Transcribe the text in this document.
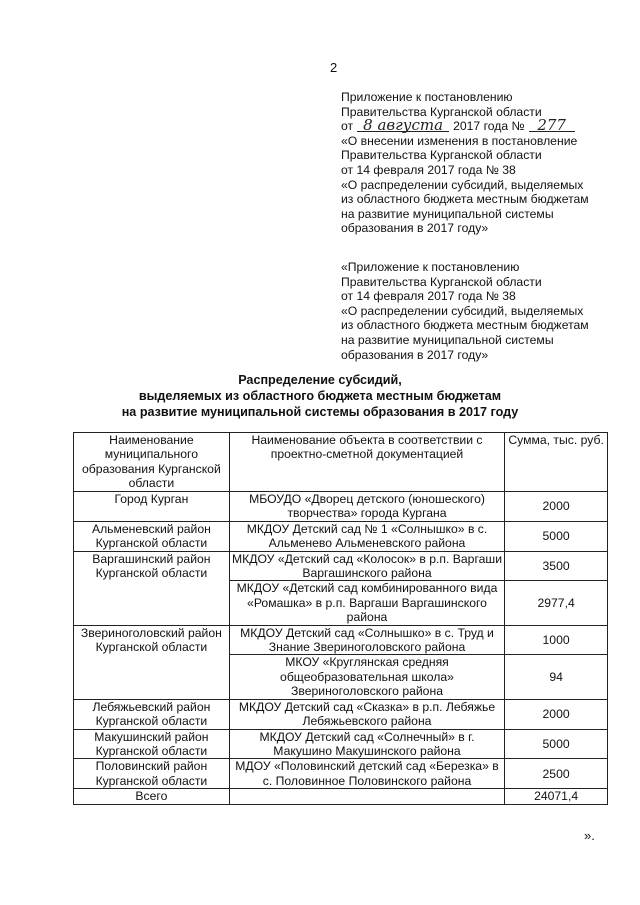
2
Приложение к постановлению
Правительства Курганской области
от 8 августа 2017 года № 277
«О внесении изменения в постановление
Правительства Курганской области
от 14 февраля 2017 года № 38
«О распределении субсидий, выделяемых
из областного бюджета местным бюджетам
на развитие муниципальной системы
образования в 2017 году»
«Приложение к постановлению
Правительства Курганской области
от 14 февраля 2017 года № 38
«О распределении субсидий, выделяемых
из областного бюджета местным бюджетам
на развитие муниципальной системы
образования в 2017 году»
Распределение субсидий,
выделяемых из областного бюджета местным бюджетам
на развитие муниципальной системы образования в 2017 году
Наименование муниципального образования Курганской области	Наименование объекта в соответствии с проектно-сметной документацией	Сумма, тыс. руб.
Город Курган	МБОУДО «Дворец детского (юношеского) творчества» города Кургана	2000
Альменевский район Курганской области	МКДОУ Детский сад № 1 «Солнышко» в с. Альменево Альменевского района	5000
Варгашинский район Курганской области	МКДОУ «Детский сад «Колосок» в р.п. Варгаши Варгашинского района	3500
	МКДОУ «Детский сад комбинированного вида «Ромашка» в р.п. Варгаши Варгашинского района	2977,4
Звериноголовский район Курганской области	МКДОУ Детский сад «Солнышко» в с. Труд и Знание Звериноголовского района	1000
	МКОУ «Круглянская средняя общеобразовательная школа» Звериноголовского района	94
Лебяжьевский район Курганской области	МКДОУ Детский сад «Сказка» в р.п. Лебяжье Лебяжьевского района	2000
Макушинский район Курганской области	МКДОУ Детский сад «Солнечный» в г. Макушино Макушинского района	5000
Половинский район Курганской области	МДОУ «Половинский детский сад «Березка» в с. Половинное Половинского района	2500
Всего		24071,4
».
